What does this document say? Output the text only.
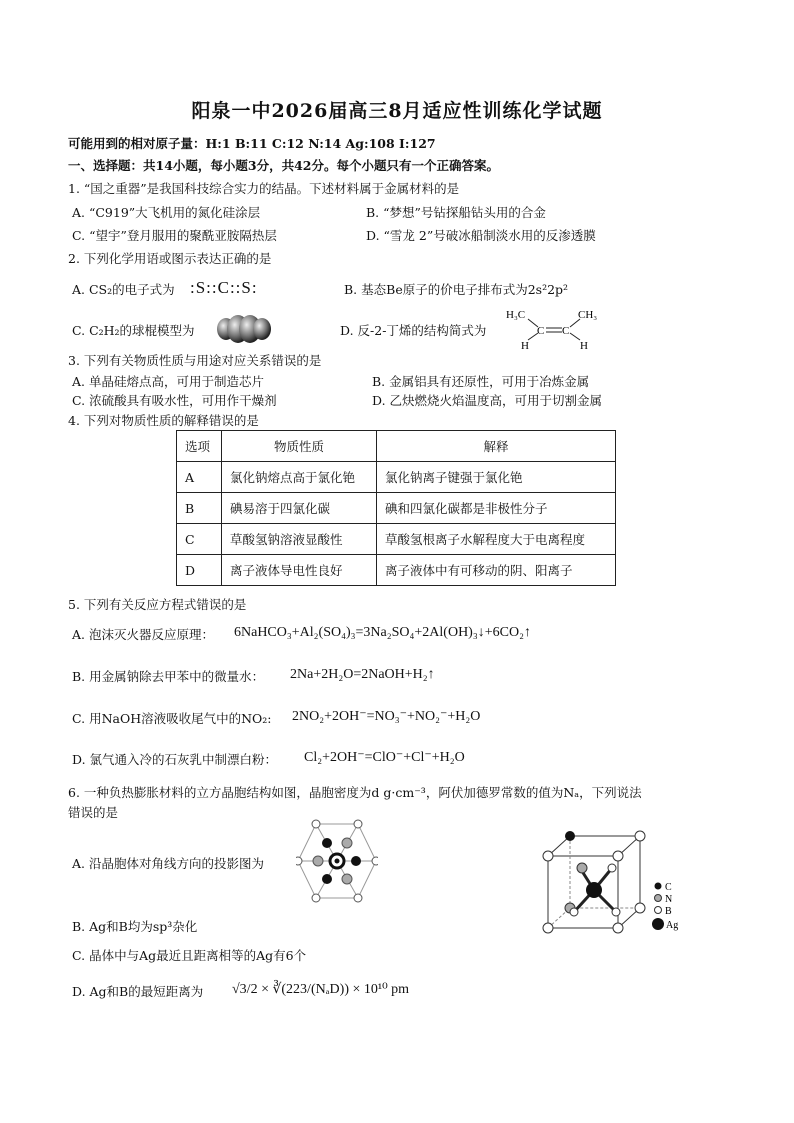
阳泉一中2026届高三8月适应性训练化学试题
可能用到的相对原子量：H:1 B:11 C:12 N:14 Ag:108 I:127
一、选择题：共14小题，每小题3分，共42分。每个小题只有一个正确答案。
1. “国之重器”是我国科技综合实力的结晶。下述材料属于金属材料的是
A. “C919”大飞机用的氮化硅涂层	B. “梦想”号钻探船钻头用的合金
C. “望宇”登月服用的聚酰亚胺隔热层	D. “雪龙 2”号破冰船制淡水用的反渗透膜
2. 下列化学用语或图示表达正确的是
A. CS₂的电子式为 :S::C::S:	B. 基态Be原子的价电子排布式为2s²2p²
C. C₂H₂的球棍模型为	D. 反-2-丁烯的结构简式为
H₃C	CH₃
H	H
C C
3. 下列有关物质性质与用途对应关系错误的是
A. 单晶硅熔点高，可用于制造芯片	B. 金属铝具有还原性，可用于冶炼金属
C. 浓硫酸具有吸水性，可用作干燥剂	D. 乙炔燃烧火焰温度高，可用于切割金属
4. 下列对物质性质的解释错误的是
选项	物质性质	解释
A	氯化钠熔点高于氯化铯	氯化钠离子键强于氯化铯
B	碘易溶于四氯化碳	碘和四氯化碳都是非极性分子
C	草酸氢钠溶液显酸性	草酸氢根离子水解程度大于电离程度
D	离子液体导电性良好	离子液体中有可移动的阴、阳离子
5. 下列有关反应方程式错误的是
A. 泡沫灭火器反应原理： 6NaHCO₃+Al₂(SO₄)₃=3Na₂SO₄+2Al(OH)₃↓+6CO₂↑
B. 用金属钠除去甲苯中的微量水： 2Na+2H₂O=2NaOH+H₂↑
C. 用NaOH溶液吸收尾气中的NO₂: 2NO₂+2OH⁻=NO₃⁻+NO₂⁻+H₂O
D. 氯气通入冷的石灰乳中制漂白粉： Cl₂+2OH⁻=ClO⁻+Cl⁻+H₂O
6. 一种负热膨胀材料的立方晶胞结构如图，晶胞密度为d g·cm⁻³，阿伏加德罗常数的值为Nₐ，下列说法
错误的是
A. 沿晶胞体对角线方向的投影图为
C
N
B
Ag
B. Ag和B均为sp³杂化
C. 晶体中与Ag最近且距离相等的Ag有6个
D. Ag和B的最短距离为 √3/2 × ∛(223/(NₐD)) × 10¹⁰ pm
